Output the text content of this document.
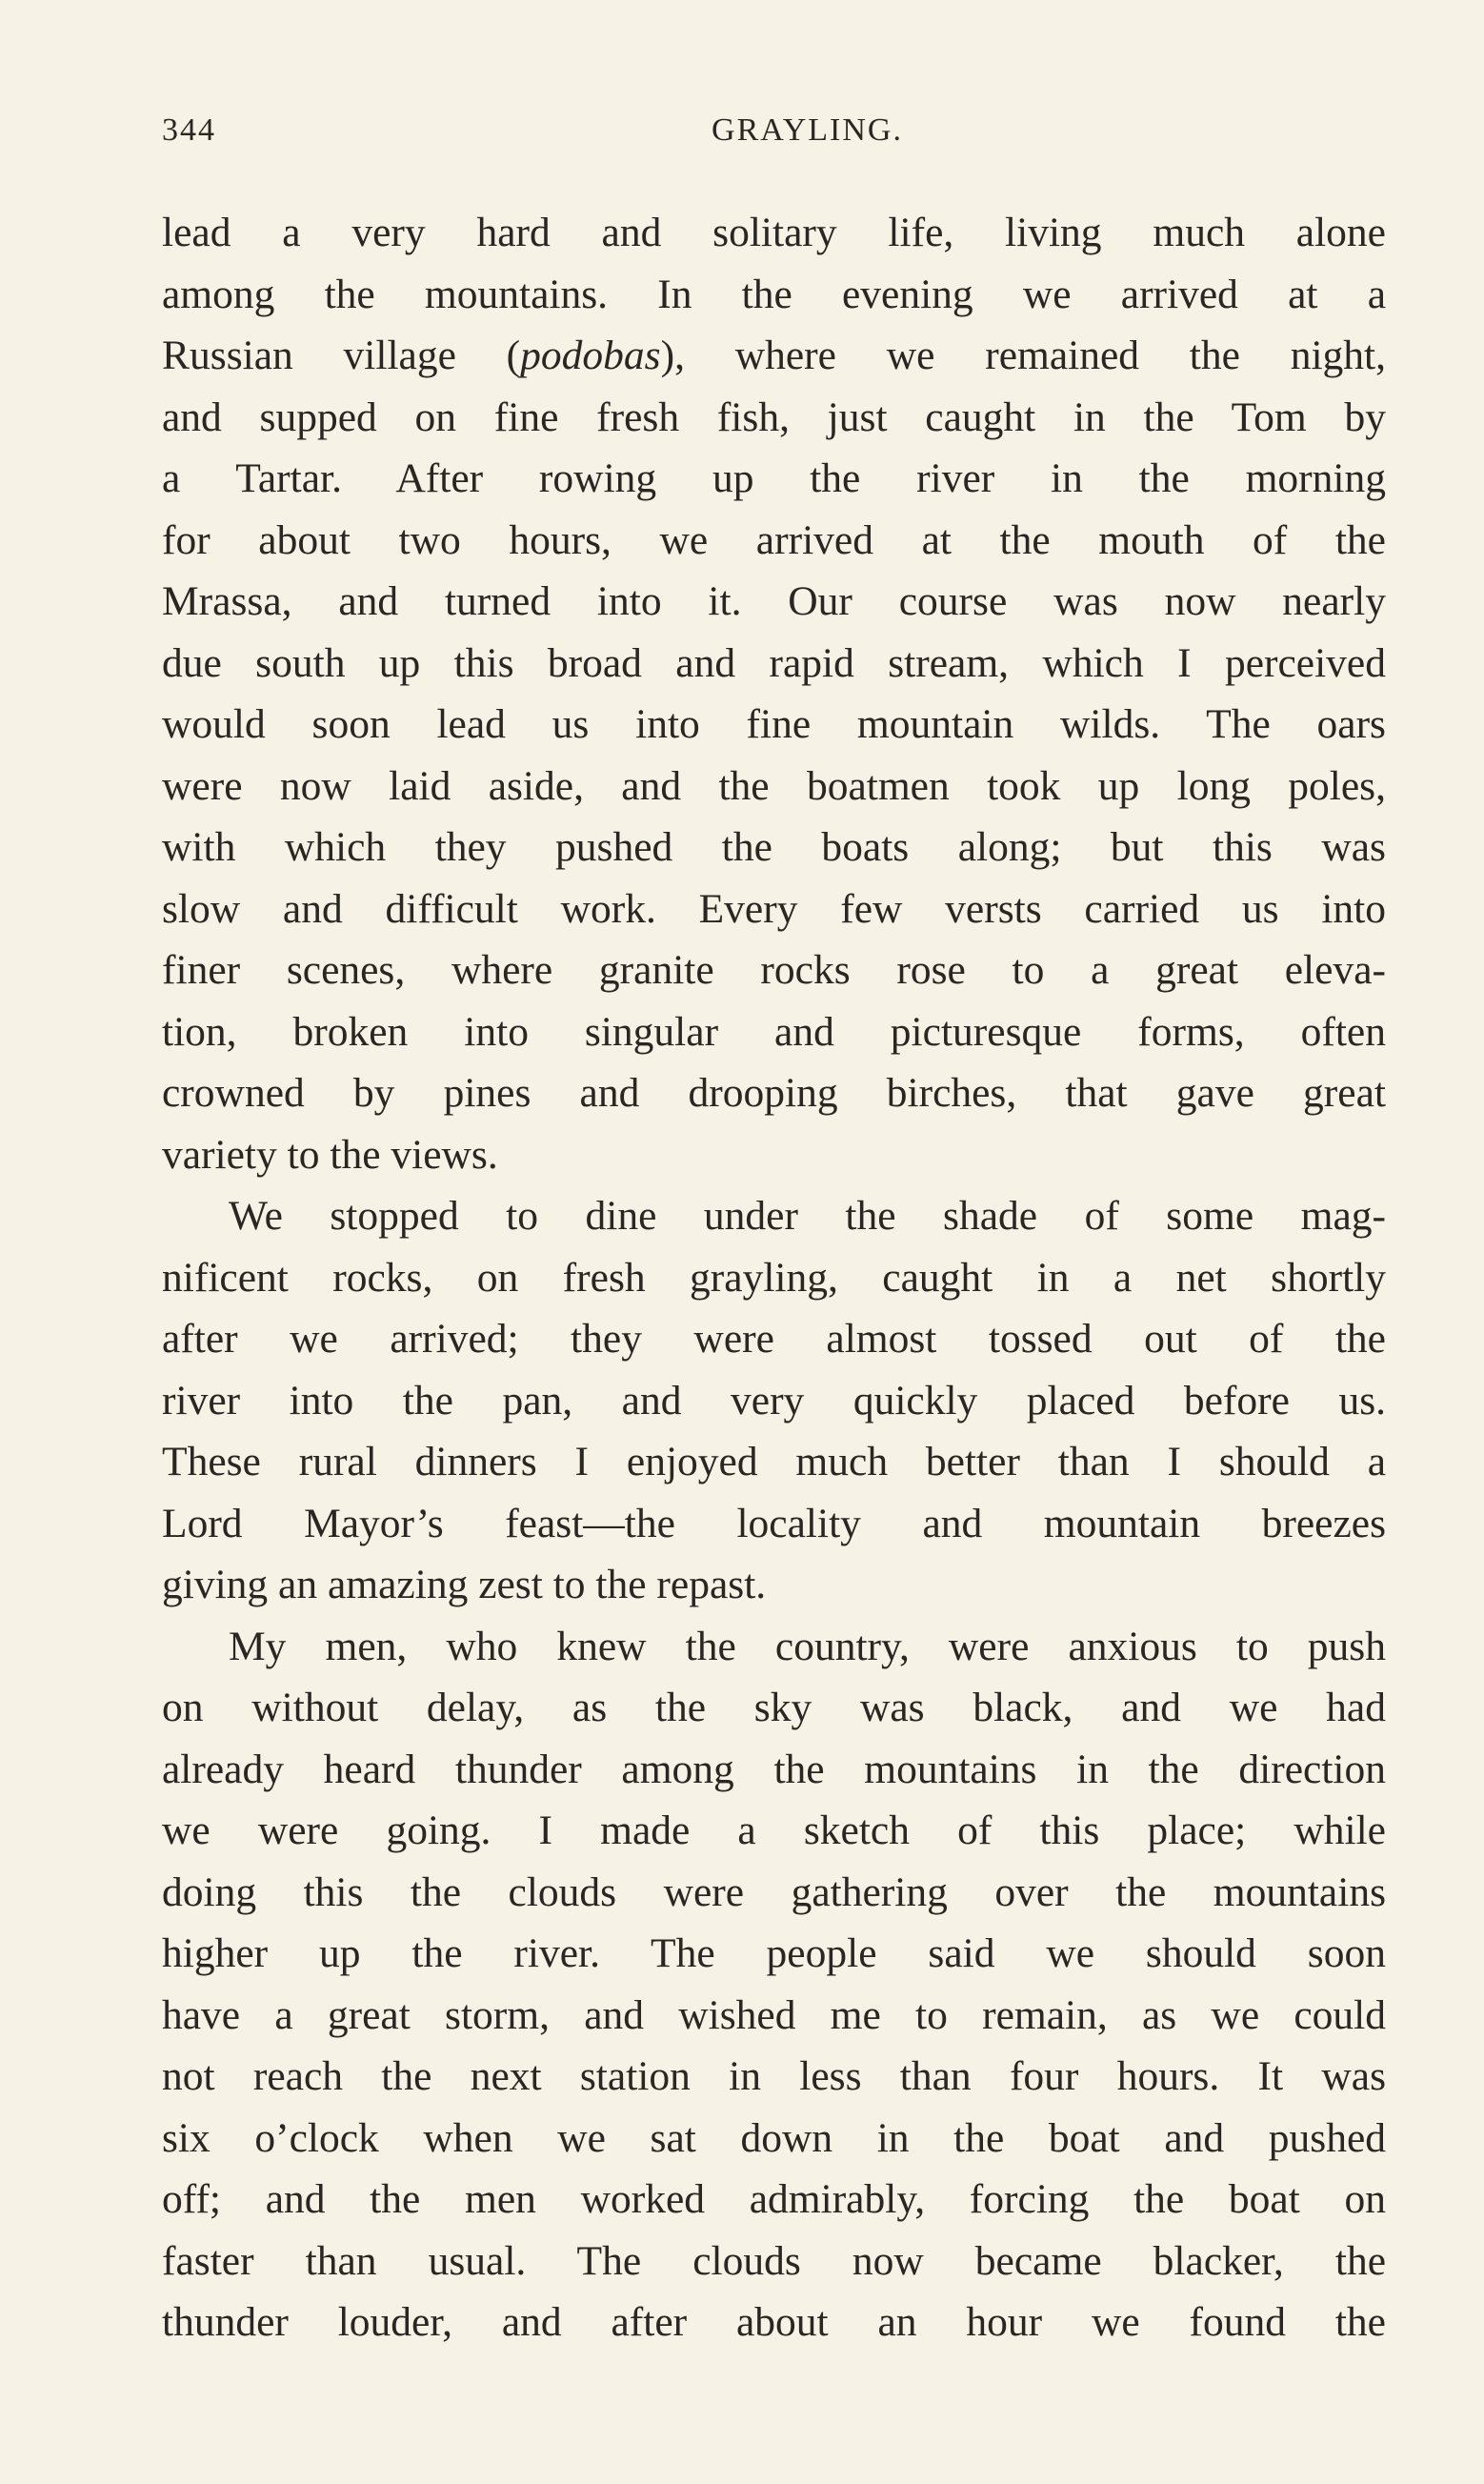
344	GRAYLING.
lead a very hard and solitary life, living much alone
among the mountains. In the evening we arrived at a
Russian village (podobas), where we remained the night,
and supped on fine fresh fish, just caught in the Tom by
a Tartar. After rowing up the river in the morning
for about two hours, we arrived at the mouth of the
Mrassa, and turned into it. Our course was now nearly
due south up this broad and rapid stream, which I perceived
would soon lead us into fine mountain wilds. The oars
were now laid aside, and the boatmen took up long poles,
with which they pushed the boats along; but this was
slow and difficult work. Every few versts carried us into
finer scenes, where granite rocks rose to a great eleva-
tion, broken into singular and picturesque forms, often
crowned by pines and drooping birches, that gave great
variety to the views.
We stopped to dine under the shade of some mag-
nificent rocks, on fresh grayling, caught in a net shortly
after we arrived; they were almost tossed out of the
river into the pan, and very quickly placed before us.
These rural dinners I enjoyed much better than I should a
Lord Mayor’s feast—the locality and mountain breezes
giving an amazing zest to the repast.
My men, who knew the country, were anxious to push
on without delay, as the sky was black, and we had
already heard thunder among the mountains in the direction
we were going. I made a sketch of this place; while
doing this the clouds were gathering over the mountains
higher up the river. The people said we should soon
have a great storm, and wished me to remain, as we could
not reach the next station in less than four hours. It was
six o’clock when we sat down in the boat and pushed
off; and the men worked admirably, forcing the boat on
faster than usual. The clouds now became blacker, the
thunder louder, and after about an hour we found the
